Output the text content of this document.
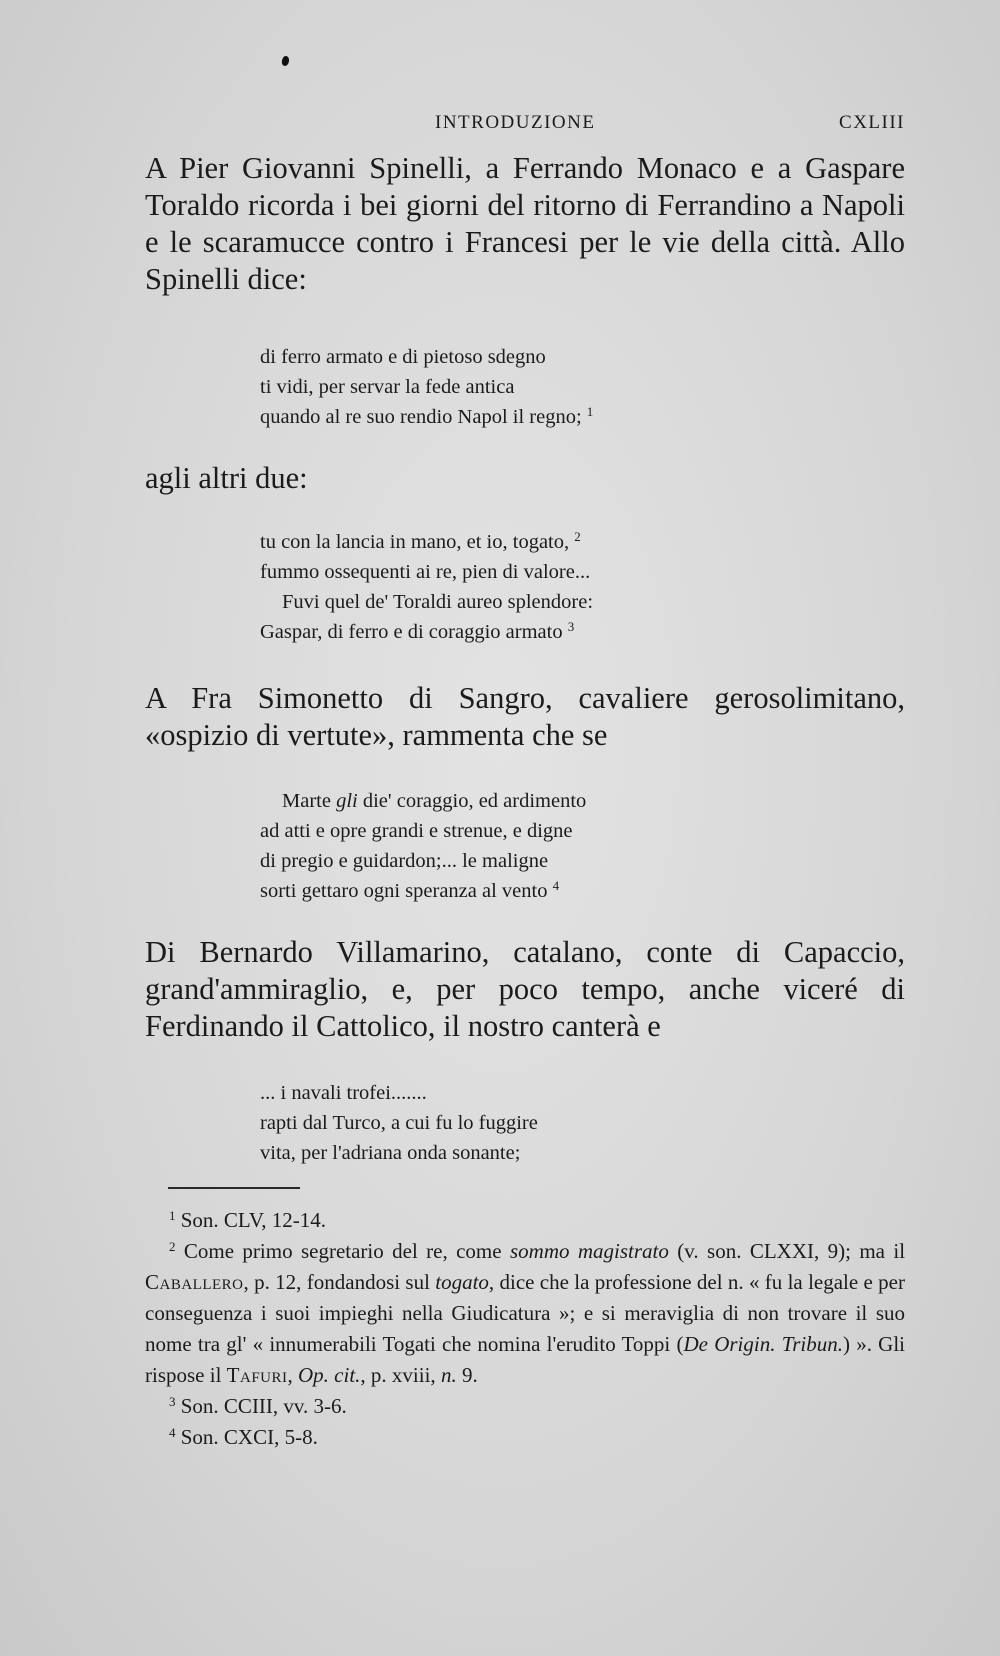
INTRODUZIONE	CXLIII
A Pier Giovanni Spinelli, a Ferrando Monaco e a Gaspare Toraldo ricorda i bei giorni del ritorno di Ferrandino a Napoli e le scaramucce contro i Francesi per le vie della città. Allo Spinelli dice:
di ferro armato e di pietoso sdegno
ti vidi, per servar la fede antica
quando al re suo rendio Napol il regno; $^1$
agli altri due:
tu con la lancia in mano, et io, togato, $^2$
fummo ossequenti ai re, pien di valore...
Fuvi quel de' Toraldi aureo splendore:
Gaspar, di ferro e di coraggio armato $^3$
A Fra Simonetto di Sangro, cavaliere gerosolimitano, «ospizio di vertute», rammenta che se
Marte gli die' coraggio, ed ardimento
ad atti e opre grandi e strenue, e digne
di pregio e guidardon;... le maligne
sorti gettaro ogni speranza al vento $^4$
Di Bernardo Villamarino, catalano, conte di Capaccio, grand'ammiraglio, e, per poco tempo, anche viceré di Ferdinando il Cattolico, il nostro canterà e
... i navali trofei.......
rapti dal Turco, a cui fu lo fuggire
vita, per l'adriana onda sonante;
$^1$ Son. CLV, 12-14.
$^2$ Come primo segretario del re, come sommo magistrato (v. son. CLXXI, 9); ma il Caballero, p. 12, fondandosi sul togato, dice che la professione del n. « fu la legale e per conseguenza i suoi impieghi nella Giudicatura »; e si meraviglia di non trovare il suo nome tra gl' « innumerabili Togati che nomina l'erudito Toppi (De Origin. Tribun.) ». Gli rispose il Tafuri, Op. cit., p. xviii, n. 9.
$^3$ Son. CCIII, vv. 3-6.
$^4$ Son. CXCI, 5-8.
